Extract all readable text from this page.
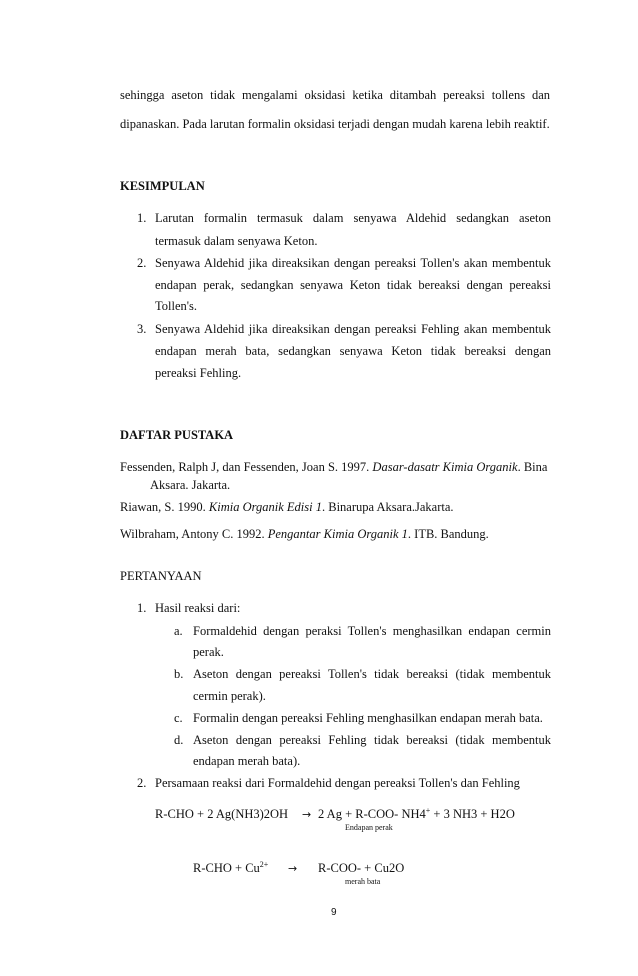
sehingga aseton tidak mengalami oksidasi ketika ditambah pereaksi tollens dan
dipanaskan. Pada larutan formalin oksidasi terjadi dengan mudah karena lebih reaktif.
KESIMPULAN
1. Larutan formalin termasuk dalam senyawa Aldehid sedangkan aseton
termasuk dalam senyawa Keton.
2. Senyawa Aldehid jika direaksikan dengan pereaksi Tollen's akan membentuk
endapan perak, sedangkan senyawa Keton tidak bereaksi dengan pereaksi
Tollen's.
3. Senyawa Aldehid jika direaksikan dengan pereaksi Fehling akan membentuk
endapan merah bata, sedangkan senyawa Keton tidak bereaksi dengan
pereaksi Fehling.
DAFTAR PUSTAKA
Fessenden, Ralph J, dan Fessenden, Joan S. 1997. Dasar-dasatr Kimia Organik. Bina
Aksara. Jakarta.
Riawan, S. 1990. Kimia Organik Edisi 1. Binarupa Aksara.Jakarta.
Wilbraham, Antony C. 1992. Pengantar Kimia Organik 1. ITB. Bandung.
PERTANYAAN
1. Hasil reaksi dari:
a. Formaldehid dengan peraksi Tollen's menghasilkan endapan cermin
perak.
b. Aseton dengan pereaksi Tollen's tidak bereaksi (tidak membentuk
cermin perak).
c. Formalin dengan pereaksi Fehling menghasilkan endapan merah bata.
d. Aseton dengan pereaksi Fehling tidak bereaksi (tidak membentuk
endapan merah bata).
2. Persamaan reaksi dari Formaldehid dengan pereaksi Tollen's dan Fehling
R-CHO + 2 Ag(NH3)2OH → 2 Ag + R-COO- NH4+ + 3 NH3 + H2O
Endapan perak
$R-CHO + Cu^{2+} \to R-COO- + Cu2O$
merah bata
9
